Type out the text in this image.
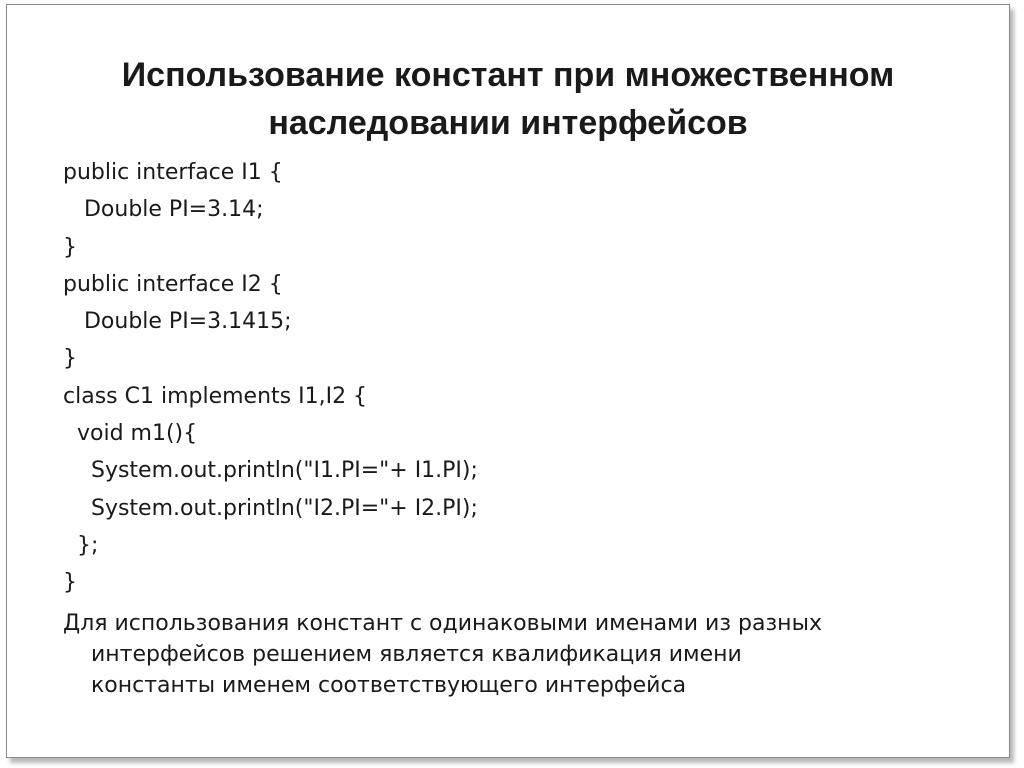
Использование констант при множественном
наследовании интерфейсов
public interface I1 {
Double PI=3.14;
}
public interface I2 {
Double PI=3.1415;
}
class C1 implements I1,I2 {
void m1(){
System.out.println("I1.PI="+ I1.PI);
System.out.println("I2.PI="+ I2.PI);
};
}

Для использования констант с одинаковыми именами из разных
интерфейсов решением является квалификация имени
константы именем соответствующего интерфейса
